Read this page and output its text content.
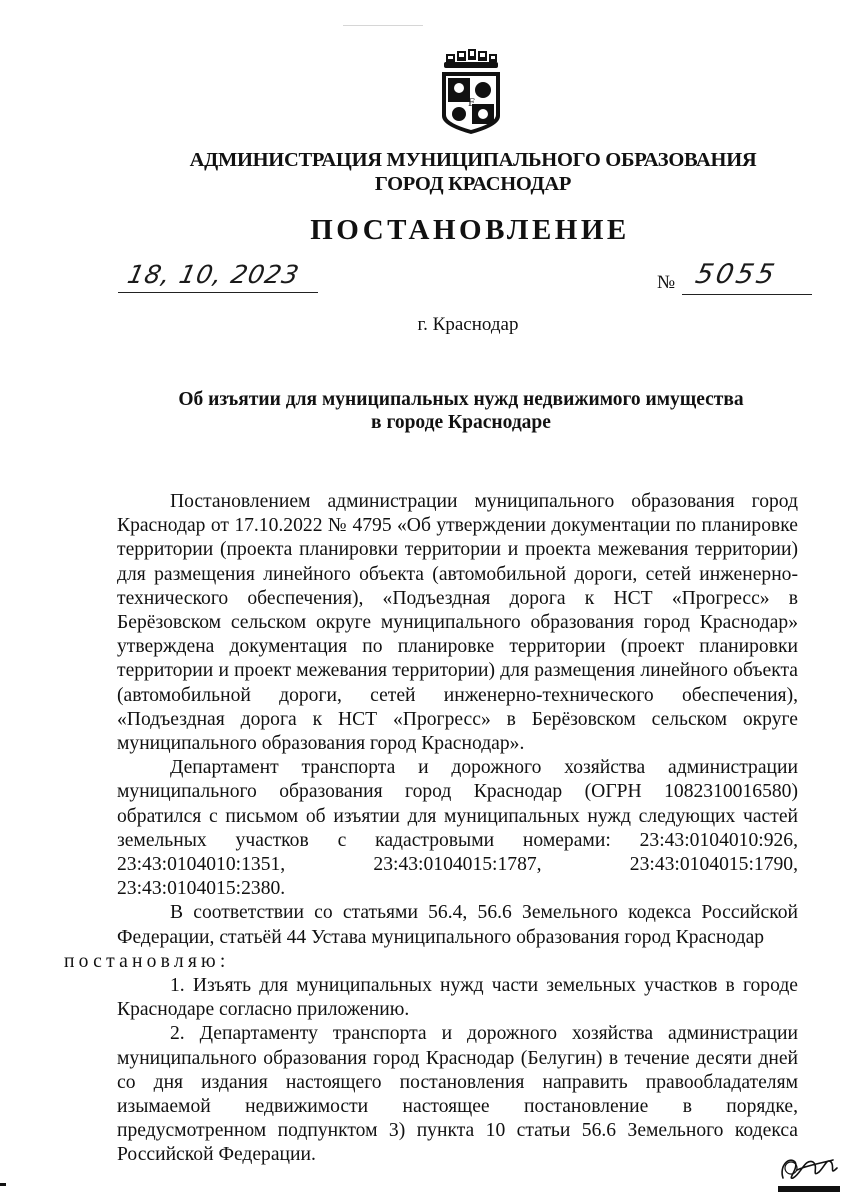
Е
АДМИНИСТРАЦИЯ МУНИЦИПАЛЬНОГО ОБРАЗОВАНИЯ
ГОРОД КРАСНОДАР
ПОСТАНОВЛЕНИЕ
18, 10, 2023	№ 5055
г. Краснодар
Об изъятии для муниципальных нужд недвижимого имущества
в городе Краснодаре

Постановлением администрации муниципального образования город Краснодар от 17.10.2022 № 4795 «Об утверждении документации по планировке территории (проекта планировки территории и проекта межевания территории) для размещения линейного объекта (автомобильной дороги, сетей инженерно-технического обеспечения), «Подъездная дорога к НСТ «Прогресс» в Берёзовском сельском округе муниципального образования город Краснодар» утверждена документация по планировке территории (проект планировки территории и проект межевания территории) для размещения линейного объекта (автомобильной дороги, сетей инженерно-технического обеспечения), «Подъездная дорога к НСТ «Прогресс» в Берёзовском сельском округе муниципального образования город Краснодар».

Департамент транспорта и дорожного хозяйства администрации муниципального образования город Краснодар (ОГРН 1082310016580) обратился с письмом об изъятии для муниципальных нужд следующих частей земельных участков с кадастровыми номерами: 23:43:0104010:926, 23:43:0104010:1351, 23:43:0104015:1787, 23:43:0104015:1790, 23:43:0104015:2380.

В соответствии со статьями 56.4, 56.6 Земельного кодекса Российской Федерации, статьёй 44 Устава муниципального образования город Краснодар
постановляю:

1. Изъять для муниципальных нужд части земельных участков в городе Краснодаре согласно приложению.

2. Департаменту транспорта и дорожного хозяйства администрации муниципального образования город Краснодар (Белугин) в течение десяти дней со дня издания настоящего постановления направить правообладателям изымаемой недвижимости настоящее постановление в порядке, предусмотренном подпунктом 3) пункта 10 статьи 56.6 Земельного кодекса Российской Федерации.
